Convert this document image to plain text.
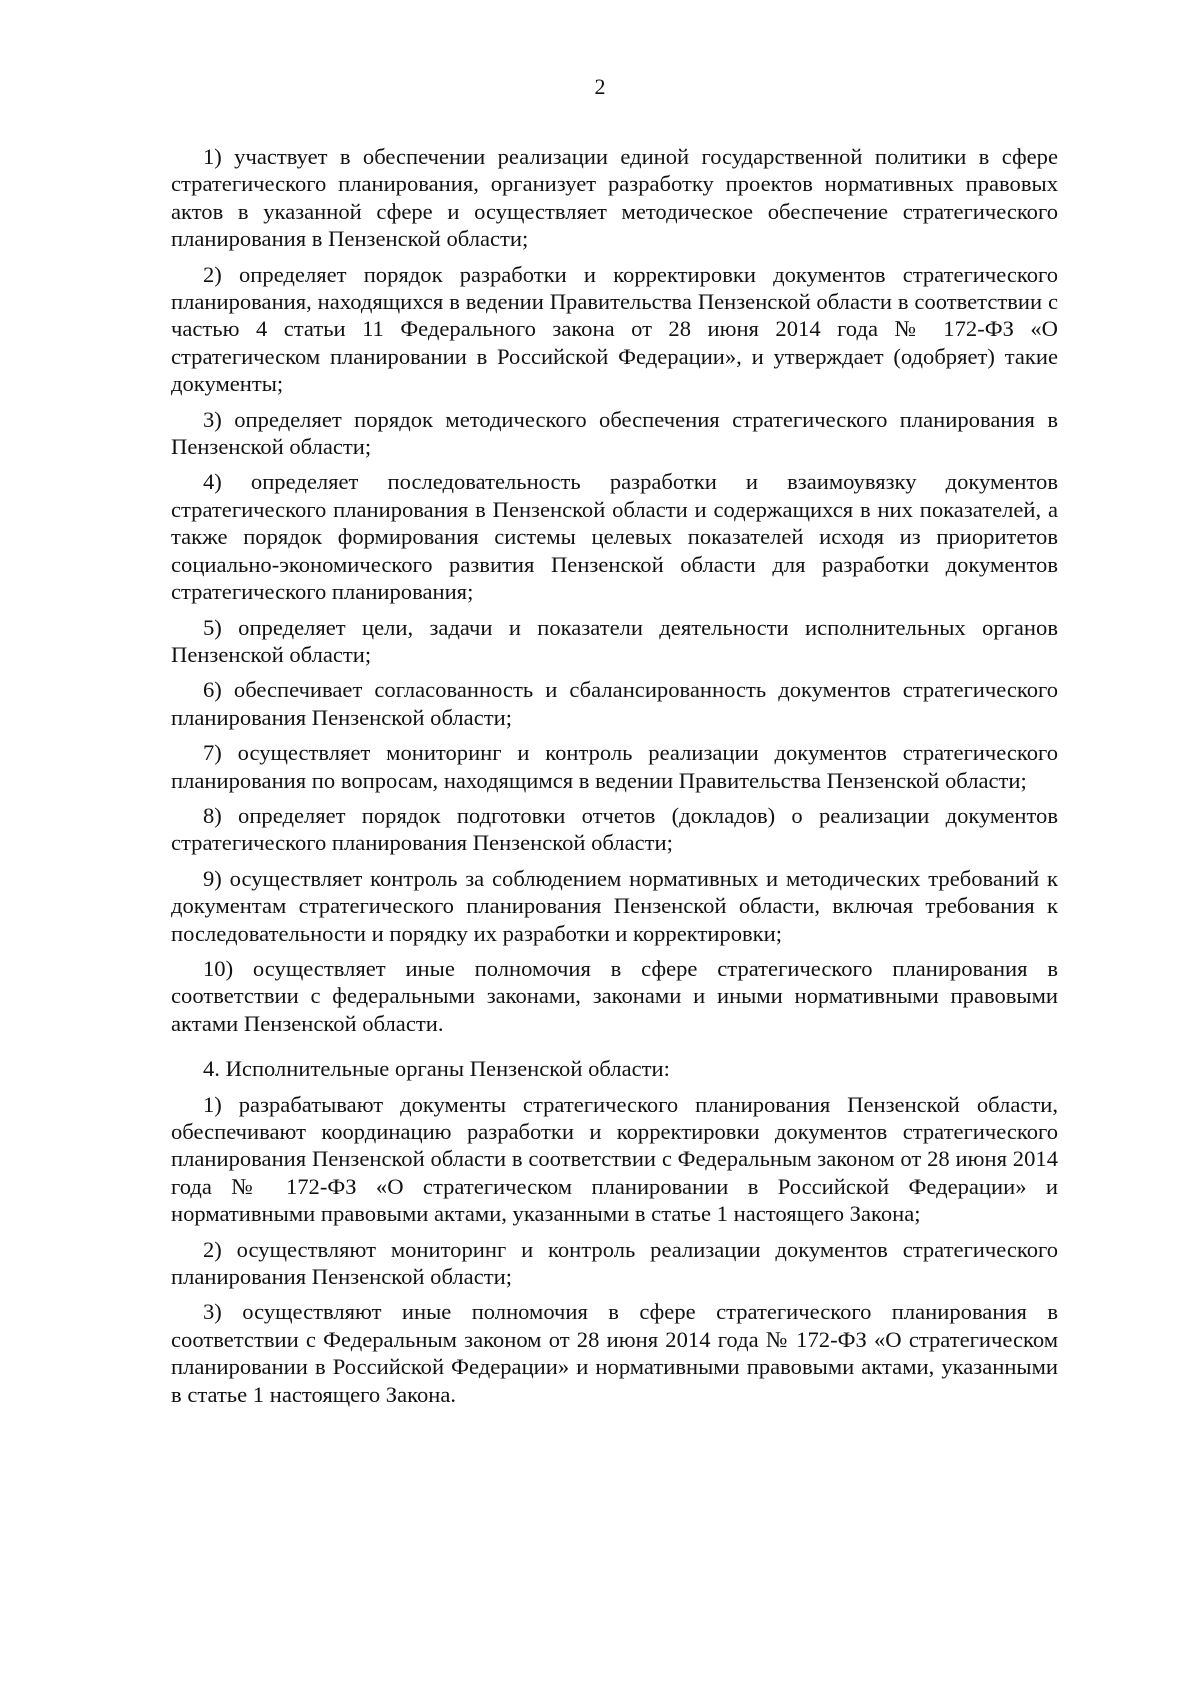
2

1) участвует в обеспечении реализации единой государственной политики в сфере стратегического планирования, организует разработку проектов нормативных правовых актов в указанной сфере и осуществляет методическое обеспечение стратегического планирования в Пензенской области;

2) определяет порядок разработки и корректировки документов стратегического планирования, находящихся в ведении Правительства Пензенской области в соответствии с частью 4 статьи 11 Федерального закона от 28 июня 2014 года № 172-ФЗ «О стратегическом планировании в Российской Федерации», и утверждает (одобряет) такие документы;

3) определяет порядок методического обеспечения стратегического планирования в Пензенской области;

4) определяет последовательность разработки и взаимоувязку документов стратегического планирования в Пензенской области и содержащихся в них показателей, а также порядок формирования системы целевых показателей исходя из приоритетов социально-экономического развития Пензенской области для разработки документов стратегического планирования;

5) определяет цели, задачи и показатели деятельности исполнительных органов Пензенской области;

6) обеспечивает согласованность и сбалансированность документов стратегического планирования Пензенской области;

7) осуществляет мониторинг и контроль реализации документов стратегического планирования по вопросам, находящимся в ведении Правительства Пензенской области;

8) определяет порядок подготовки отчетов (докладов) о реализации документов стратегического планирования Пензенской области;

9) осуществляет контроль за соблюдением нормативных и методических требований к документам стратегического планирования Пензенской области, включая требования к последовательности и порядку их разработки и корректировки;

10) осуществляет иные полномочия в сфере стратегического планирования в соответствии с федеральными законами, законами и иными нормативными правовыми актами Пензенской области.

4. Исполнительные органы Пензенской области:

1) разрабатывают документы стратегического планирования Пензенской области, обеспечивают координацию разработки и корректировки документов стратегического планирования Пензенской области в соответствии с Федеральным законом от 28 июня 2014 года № 172-ФЗ «О стратегическом планировании в Российской Федерации» и нормативными правовыми актами, указанными в статье 1 настоящего Закона;

2) осуществляют мониторинг и контроль реализации документов стратегического планирования Пензенской области;

3) осуществляют иные полномочия в сфере стратегического планирования в соответствии с Федеральным законом от 28 июня 2014 года № 172-ФЗ «О стратегическом планировании в Российской Федерации» и нормативными правовыми актами, указанными в статье 1 настоящего Закона.
